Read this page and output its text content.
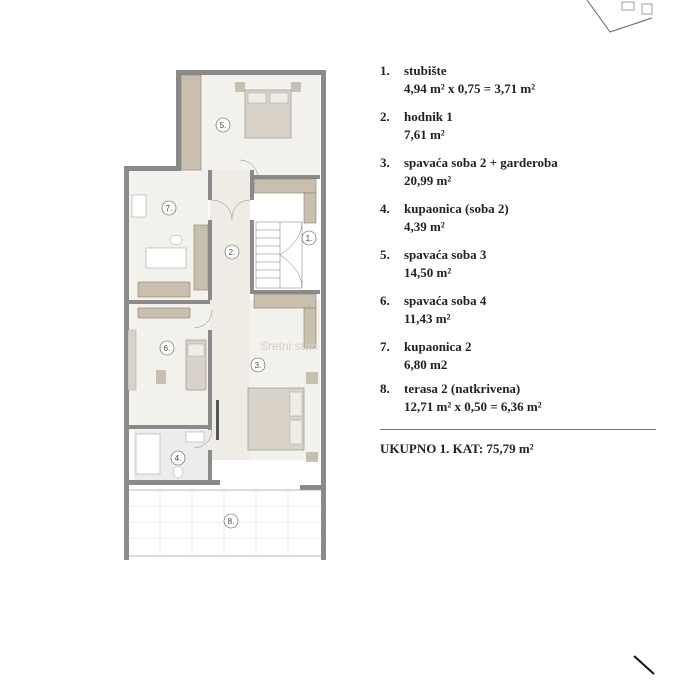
Sretni stan
1.
2.
3.
4.
5.
6.
7.
8.
1.	stubište
4,94 m² x 0,75 = 3,71 m²
2.	hodnik 1
7,61 m²
3.	spavaća soba 2 + garderoba
20,99 m²
4.	kupaonica (soba 2)
4,39 m²
5.	spavaća soba 3
14,50 m²
6.	spavaća soba 4
11,43 m²
7.	kupaonica 2
6,80 m2
8.	terasa 2 (natkrivena)
12,71 m² x 0,50 = 6,36 m²
UKUPNO 1. KAT: 75,79 m²
